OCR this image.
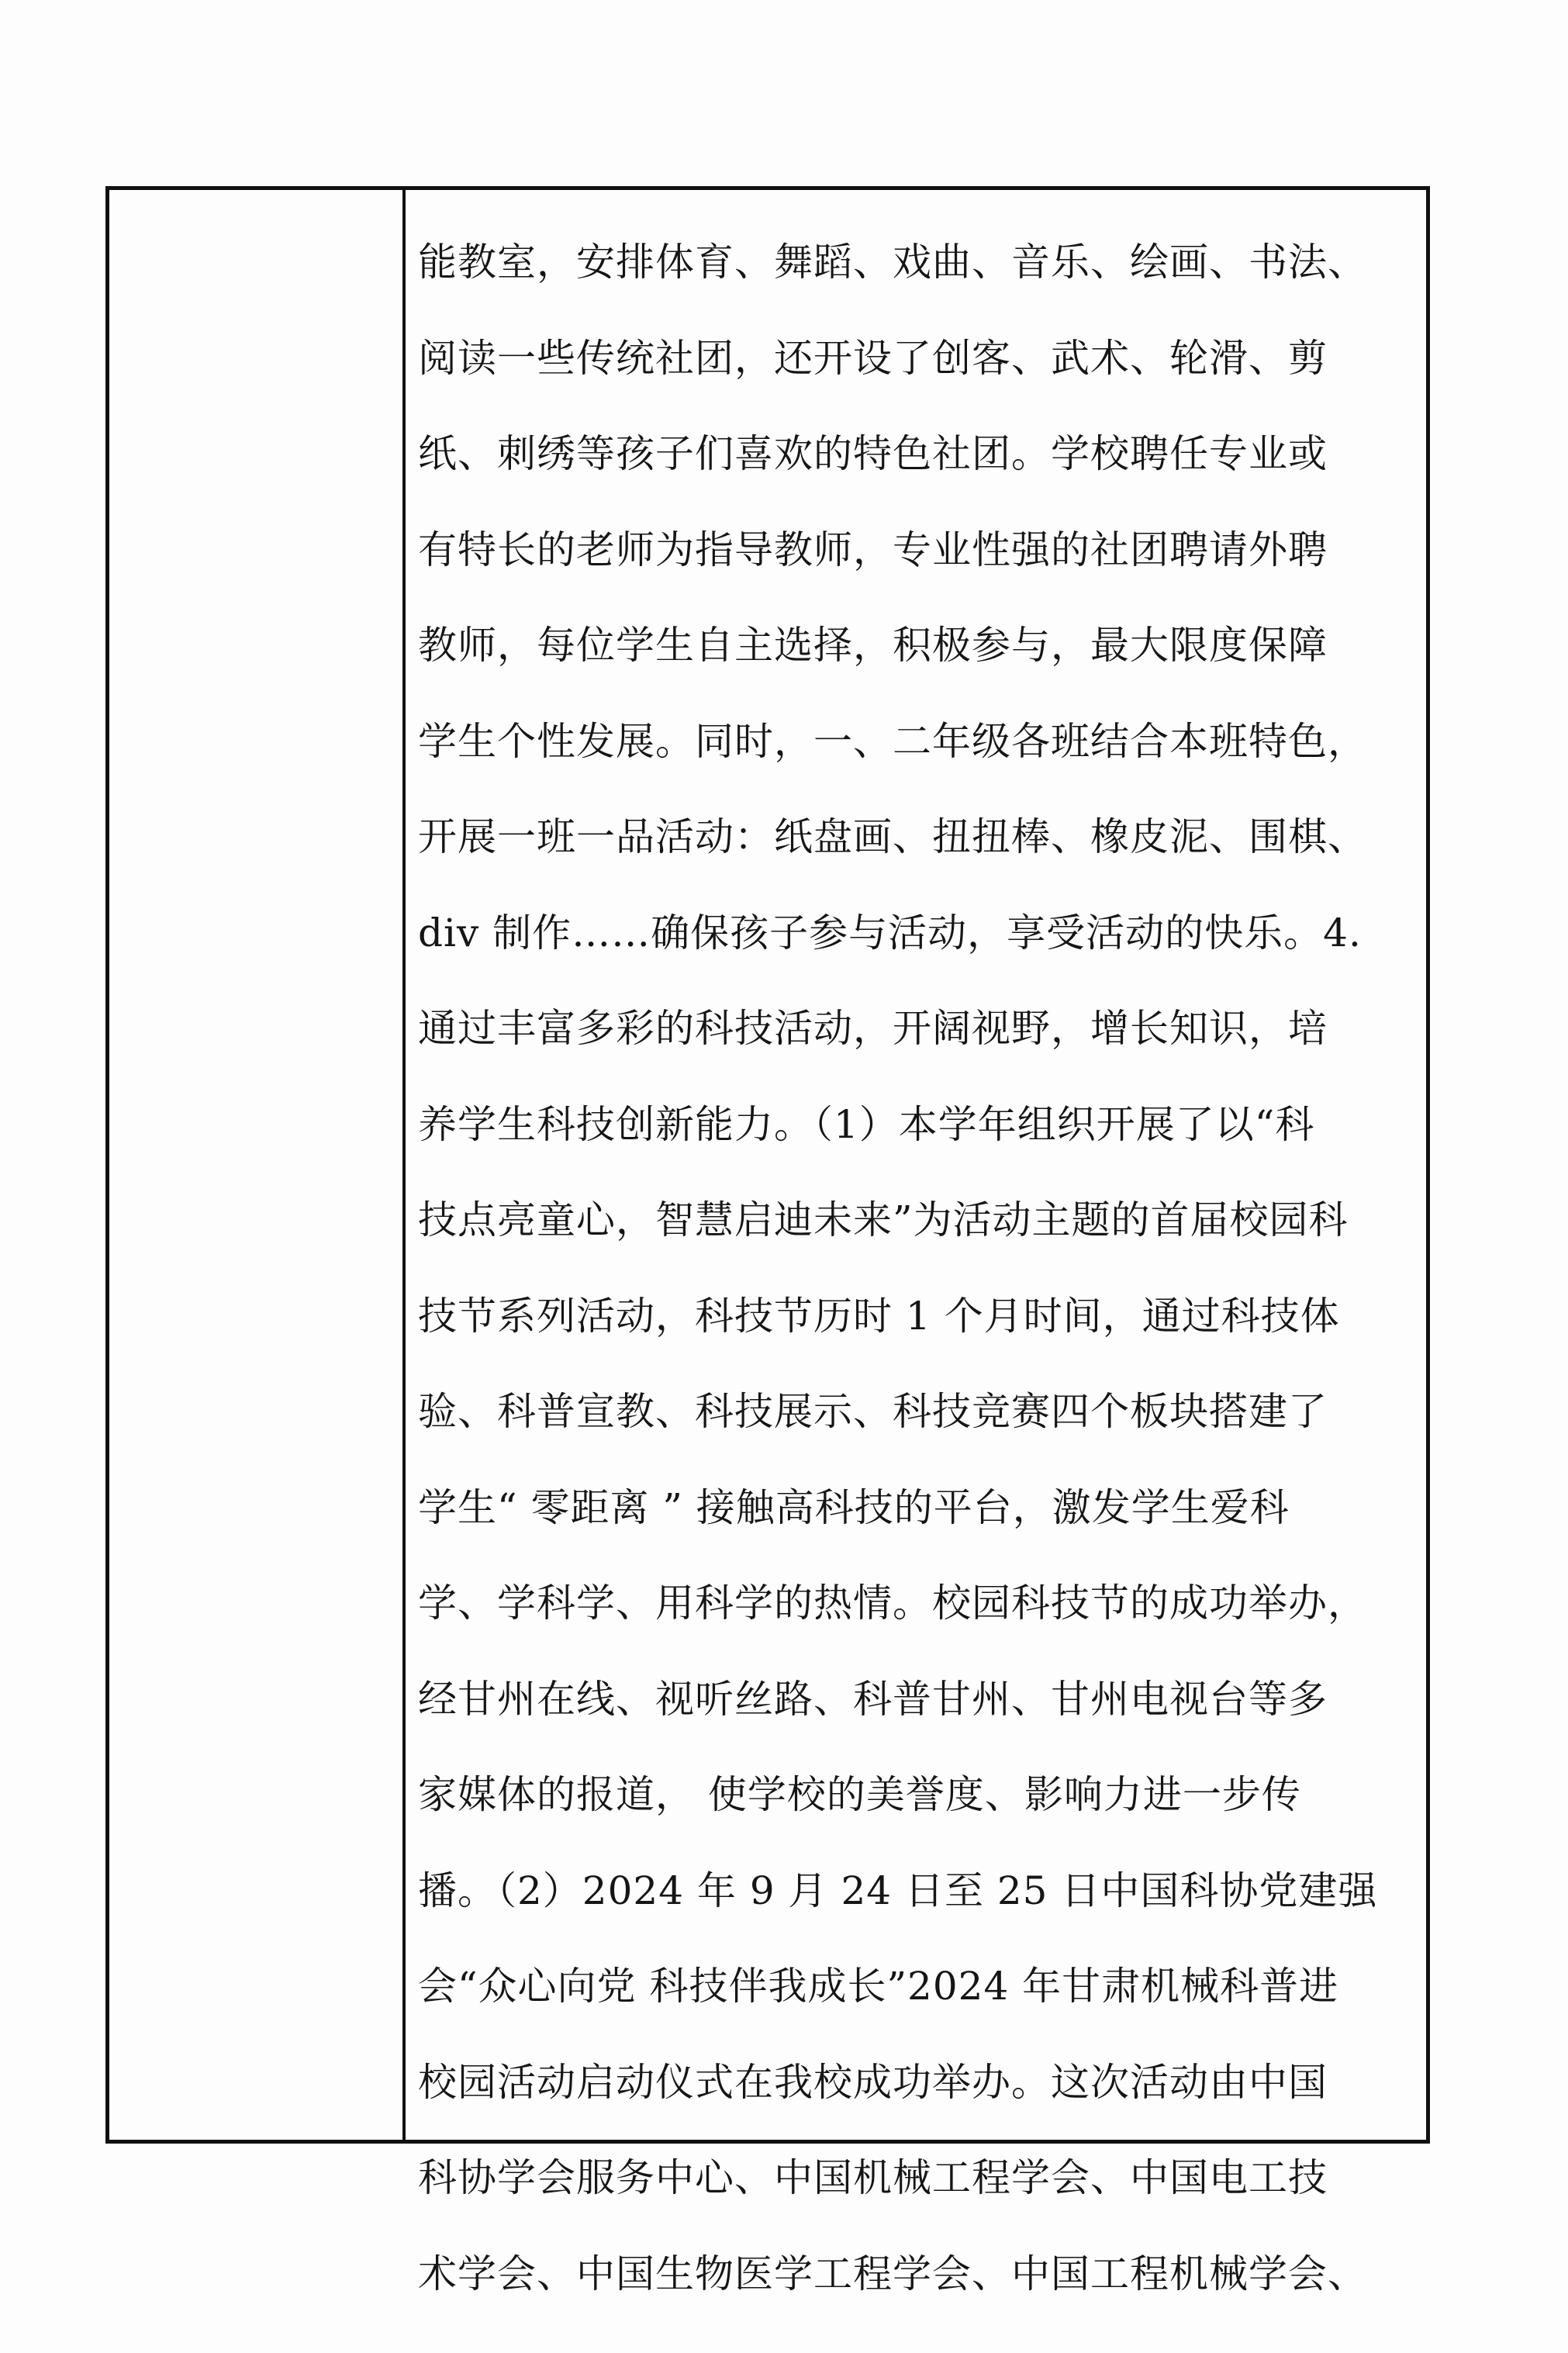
能教室，安排体育、舞蹈、戏曲、音乐、绘画、书法、
阅读一些传统社团，还开设了创客、武术、轮滑、剪
纸、刺绣等孩子们喜欢的特色社团。学校聘任专业或
有特长的老师为指导教师，专业性强的社团聘请外聘
教师，每位学生自主选择，积极参与，最大限度保障
学生个性发展。同时，一、二年级各班结合本班特色，
开展一班一品活动：纸盘画、扭扭棒、橡皮泥、围棋、
div 制作……确保孩子参与活动，享受活动的快乐。4.
通过丰富多彩的科技活动，开阔视野，增长知识，培
养学生科技创新能力。（1）本学年组织开展了以“科
技点亮童心，智慧启迪未来”为活动主题的首届校园科
技节系列活动，科技节历时 1 个月时间，通过科技体
验、科普宣教、科技展示、科技竞赛四个板块搭建了
学生“ 零距离 ” 接触高科技的平台，激发学生爱科
学、学科学、用科学的热情。校园科技节的成功举办，
经甘州在线、视听丝路、科普甘州、甘州电视台等多
家媒体的报道， 使学校的美誉度、影响力进一步传
播。（2）2024 年 9 月 24 日至 25 日中国科协党建强
会“众心向党 科技伴我成长”2024 年甘肃机械科普进
校园活动启动仪式在我校成功举办。这次活动由中国
科协学会服务中心、中国机械工程学会、中国电工技
术学会、中国生物医学工程学会、中国工程机械学会、
